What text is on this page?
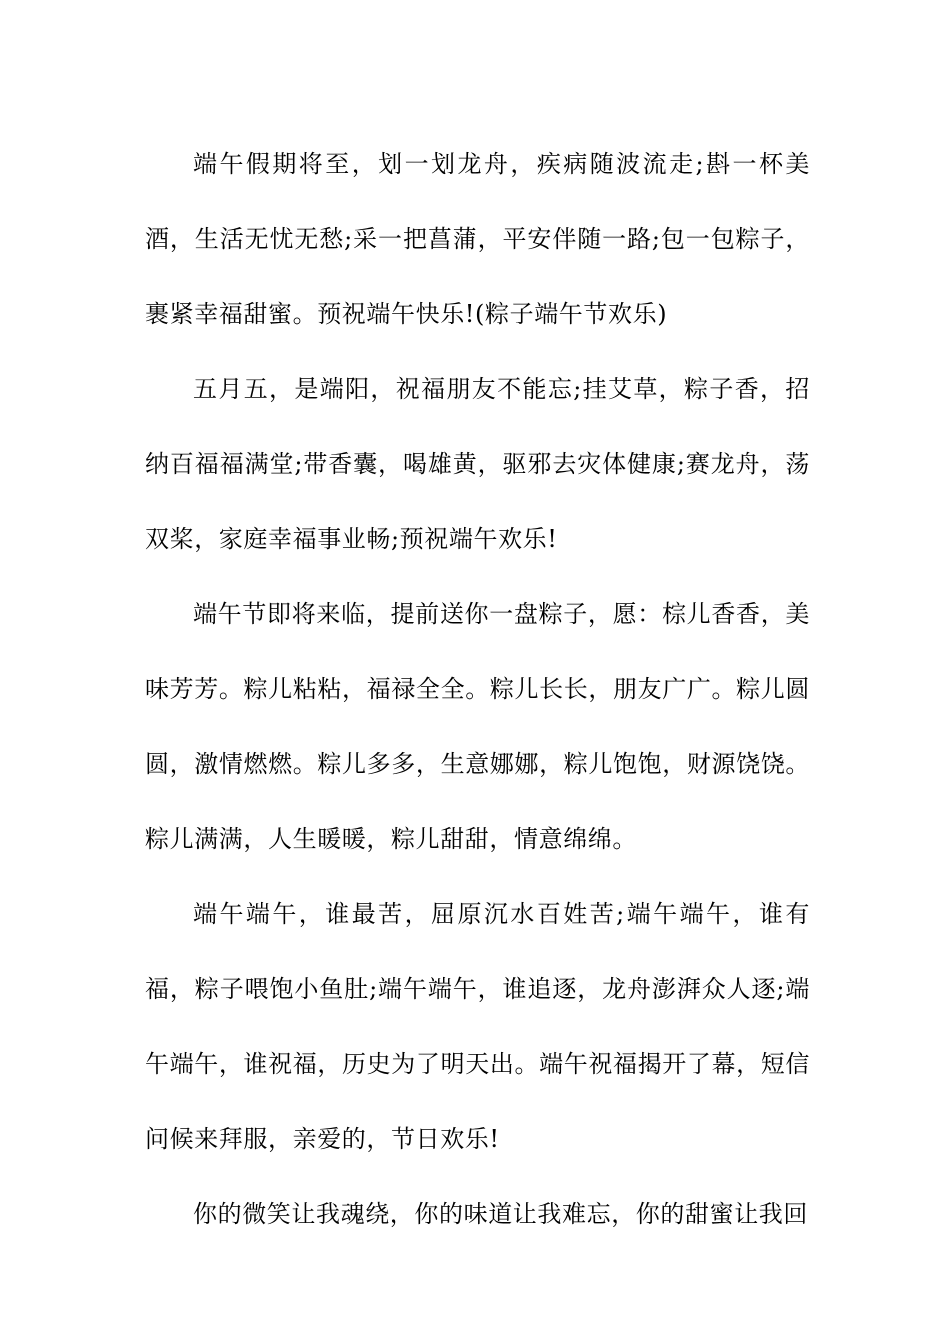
端午假期将至，划一划龙舟，疾病随波流走;斟一杯美酒，生活无忧无愁;采一把菖蒲，平安伴随一路;包一包粽子，裹紧幸福甜蜜。预祝端午快乐!(粽子端午节欢乐)

五月五，是端阳，祝福朋友不能忘;挂艾草，粽子香，招纳百福福满堂;带香囊，喝雄黄，驱邪去灾体健康;赛龙舟，荡双桨，家庭幸福事业畅;预祝端午欢乐!

端午节即将来临，提前送你一盘粽子，愿：棕儿香香，美味芳芳。粽儿粘粘，福禄全全。粽儿长长，朋友广广。粽儿圆圆，激情燃燃。粽儿多多，生意娜娜，粽儿饱饱，财源饶饶。粽儿满满，人生暖暖，粽儿甜甜，情意绵绵。

端午端午，谁最苦，屈原沉水百姓苦;端午端午，谁有福，粽子喂饱小鱼肚;端午端午，谁追逐，龙舟澎湃众人逐;端午端午，谁祝福，历史为了明天出。端午祝福揭开了幕，短信问候来拜服，亲爱的，节日欢乐!

你的微笑让我魂绕，你的味道让我难忘，你的甜蜜让我回
